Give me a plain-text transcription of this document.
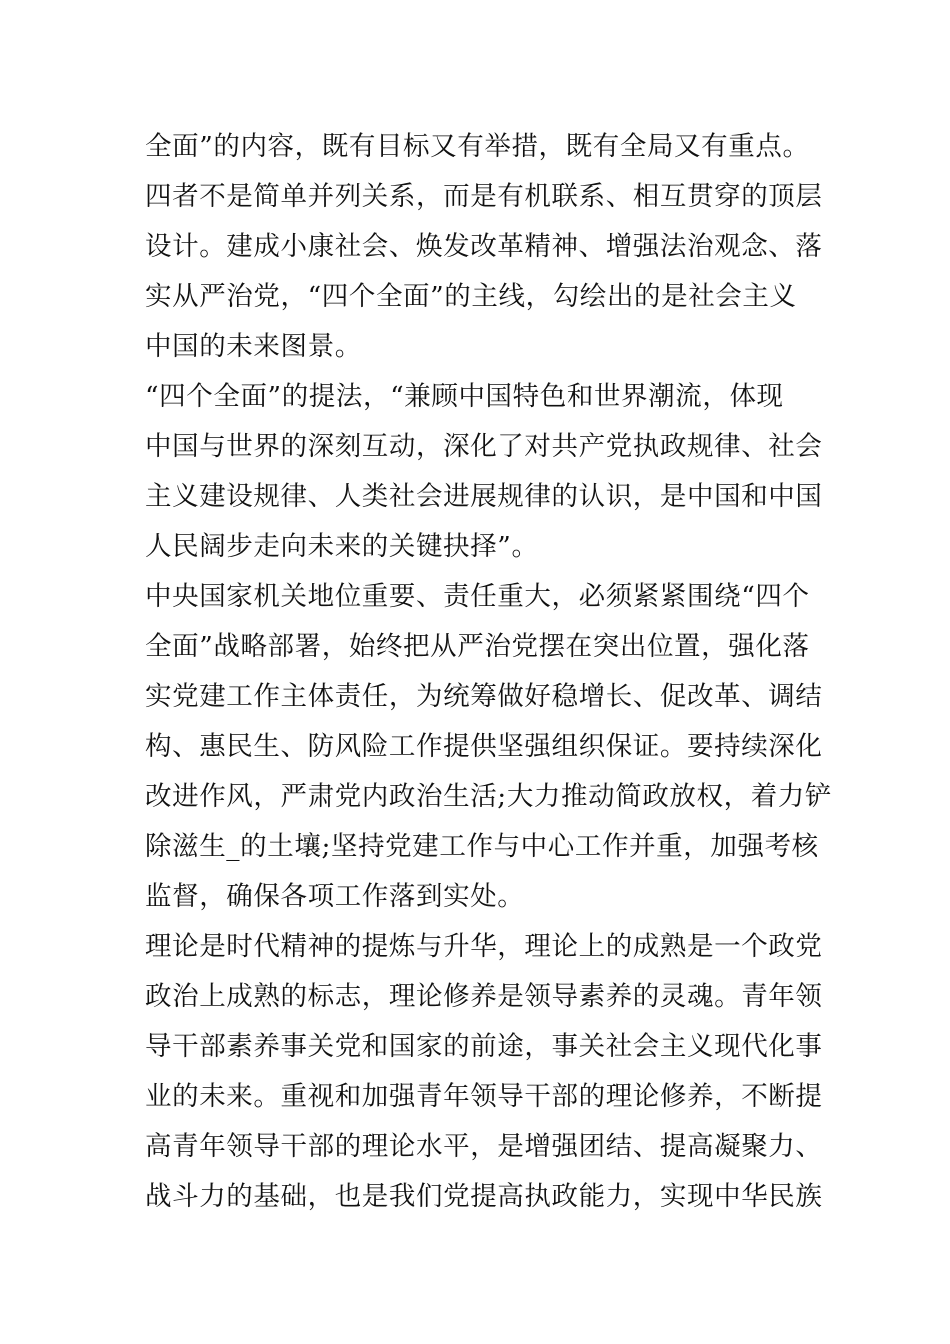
全面”的内容，既有目标又有举措，既有全局又有重点。
四者不是简单并列关系，而是有机联系、相互贯穿的顶层
设计。建成小康社会、焕发改革精神、增强法治观念、落
实从严治党，“四个全面”的主线，勾绘出的是社会主义
中国的未来图景。
“四个全面”的提法，“兼顾中国特色和世界潮流，体现
中国与世界的深刻互动，深化了对共产党执政规律、社会
主义建设规律、人类社会进展规律的认识，是中国和中国
人民阔步走向未来的关键抉择”。
中央国家机关地位重要、责任重大，必须紧紧围绕“四个
全面”战略部署，始终把从严治党摆在突出位置，强化落
实党建工作主体责任，为统筹做好稳增长、促改革、调结
构、惠民生、防风险工作提供坚强组织保证。要持续深化
改进作风，严肃党内政治生活;大力推动简政放权，着力铲
除滋生_的土壤;坚持党建工作与中心工作并重，加强考核
监督，确保各项工作落到实处。
理论是时代精神的提炼与升华，理论上的成熟是一个政党
政治上成熟的标志，理论修养是领导素养的灵魂。青年领
导干部素养事关党和国家的前途，事关社会主义现代化事
业的未来。重视和加强青年领导干部的理论修养，不断提
高青年领导干部的理论水平，是增强团结、提高凝聚力、
战斗力的基础，也是我们党提高执政能力，实现中华民族
